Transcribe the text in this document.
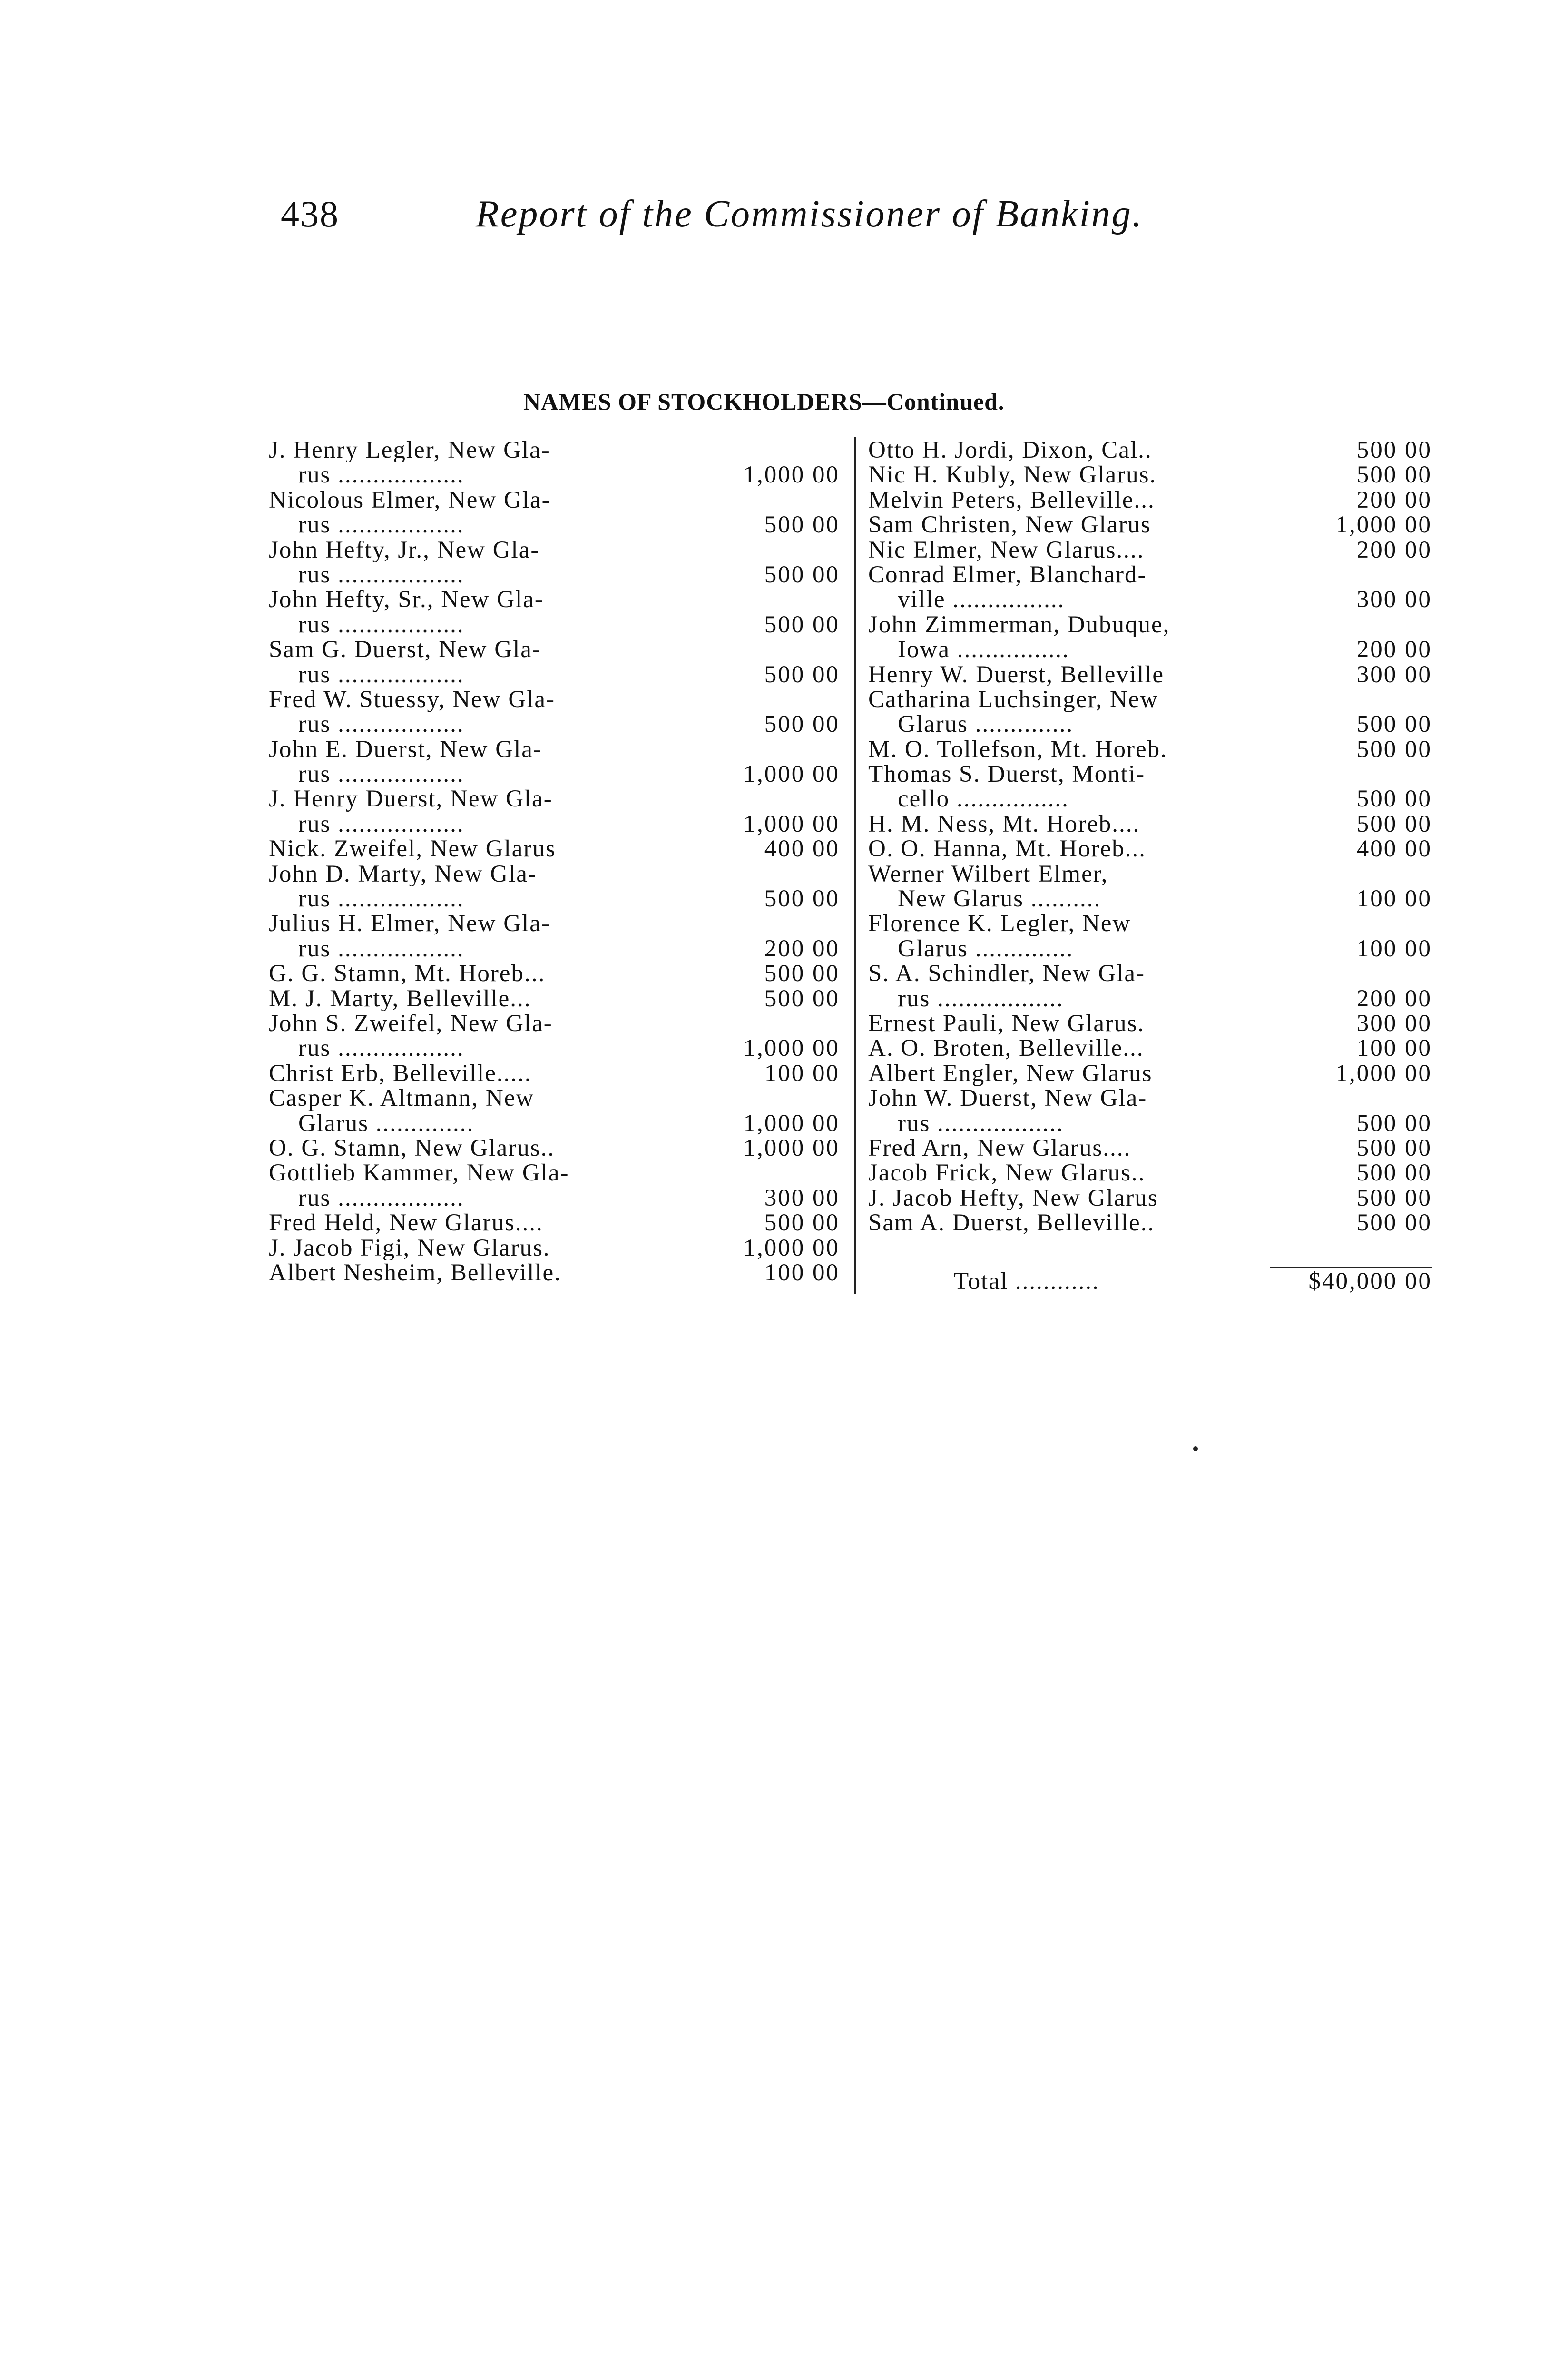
438	Report of the Commissioner of Banking.
NAMES OF STOCKHOLDERS—Continued.
J. Henry Legler, New Gla-
rus ..................	1,000 00
Nicolous Elmer, New Gla-
rus ..................	500 00
John Hefty, Jr., New Gla-
rus ..................	500 00
John Hefty, Sr., New Gla-
rus ..................	500 00
Sam G. Duerst, New Gla-
rus ..................	500 00
Fred W. Stuessy, New Gla-
rus ..................	500 00
John E. Duerst, New Gla-
rus ..................	1,000 00
J. Henry Duerst, New Gla-
rus ..................	1,000 00
Nick. Zweifel, New Glarus	400 00
John D. Marty, New Gla-
rus ..................	500 00
Julius H. Elmer, New Gla-
rus ..................	200 00
G. G. Stamn, Mt. Horeb...	500 00
M. J. Marty, Belleville...	500 00
John S. Zweifel, New Gla-
rus ..................	1,000 00
Christ Erb, Belleville.....	100 00
Casper K. Altmann, New
Glarus ..............	1,000 00
O. G. Stamn, New Glarus..	1,000 00
Gottlieb Kammer, New Gla-
rus ..................	300 00
Fred Held, New Glarus....	500 00
J. Jacob Figi, New Glarus.	1,000 00
Albert Nesheim, Belleville.	100 00
Otto H. Jordi, Dixon, Cal..	500 00
Nic H. Kubly, New Glarus.	500 00
Melvin Peters, Belleville...	200 00
Sam Christen, New Glarus	1,000 00
Nic Elmer, New Glarus....	200 00
Conrad Elmer, Blanchard-
ville ................	300 00
John Zimmerman, Dubuque,
Iowa ................	200 00
Henry W. Duerst, Belleville	300 00
Catharina Luchsinger, New
Glarus ..............	500 00
M. O. Tollefson, Mt. Horeb.	500 00
Thomas S. Duerst, Monti-
cello ................	500 00
H. M. Ness, Mt. Horeb....	500 00
O. O. Hanna, Mt. Horeb...	400 00
Werner Wilbert Elmer,
New Glarus ..........	100 00
Florence K. Legler, New
Glarus ..............	100 00
S. A. Schindler, New Gla-
rus ..................	200 00
Ernest Pauli, New Glarus.	300 00
A. O. Broten, Belleville...	100 00
Albert Engler, New Glarus	1,000 00
John W. Duerst, New Gla-
rus ..................	500 00
Fred Arn, New Glarus....	500 00
Jacob Frick, New Glarus..	500 00
J. Jacob Hefty, New Glarus	500 00
Sam A. Duerst, Belleville..	500 00
Total ............	$40,000 00
